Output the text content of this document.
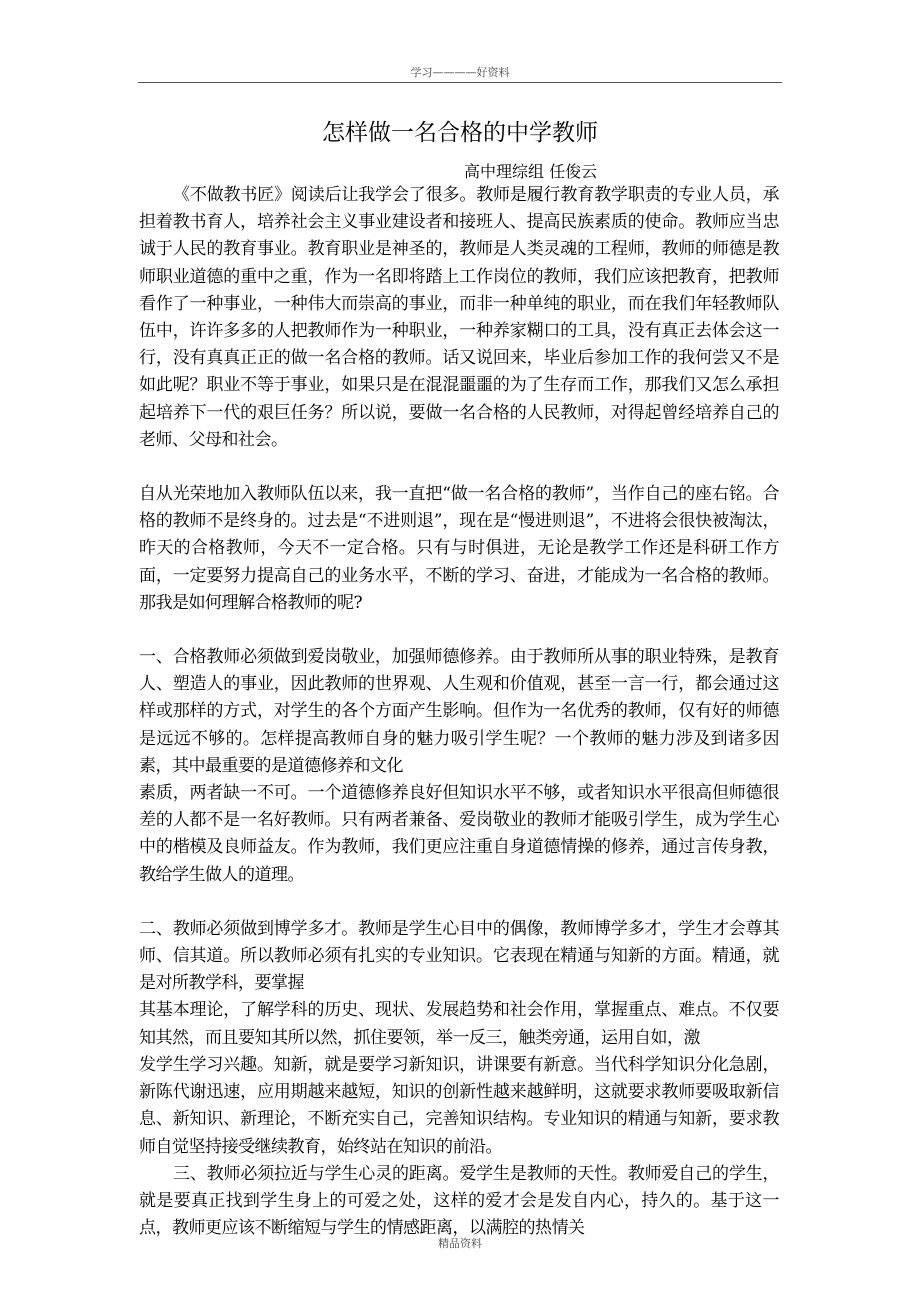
学习————好资料
怎样做一名合格的中学教师
高中理综组 任俊云

《不做教书匠》阅读后让我学会了很多。教师是履行教育教学职责的专业人员，承担着教书育人，培养社会主义事业建设者和接班人、提高民族素质的使命。教师应当忠诚于人民的教育事业。教育职业是神圣的，教师是人类灵魂的工程师，教师的师德是教师职业道德的重中之重，作为一名即将踏上工作岗位的教师，我们应该把教育，把教师看作了一种事业，一种伟大而崇高的事业，而非一种单纯的职业，而在我们年轻教师队伍中，许许多多的人把教师作为一种职业，一种养家糊口的工具，没有真正去体会这一行，没有真真正正的做一名合格的教师。话又说回来，毕业后参加工作的我何尝又不是如此呢？职业不等于事业，如果只是在混混噩噩的为了生存而工作，那我们又怎么承担起培养下一代的艰巨任务？所以说，要做一名合格的人民教师，对得起曾经培养自己的老师、父母和社会。

自从光荣地加入教师队伍以来，我一直把“做一名合格的教师”，当作自己的座右铭。合格的教师不是终身的。过去是“不进则退”，现在是“慢进则退”，不进将会很快被淘汰，昨天的合格教师，今天不一定合格。只有与时俱进，无论是教学工作还是科研工作方面，一定要努力提高自己的业务水平，不断的学习、奋进，才能成为一名合格的教师。那我是如何理解合格教师的呢?

一、合格教师必须做到爱岗敬业，加强师德修养。由于教师所从事的职业特殊，是教育人、塑造人的事业，因此教师的世界观、人生观和价值观，甚至一言一行，都会通过这样或那样的方式，对学生的各个方面产生影响。但作为一名优秀的教师，仅有好的师德是远远不够的。怎样提高教师自身的魅力吸引学生呢？一个教师的魅力涉及到诸多因素，其中最重要的是道德修养和文化

素质，两者缺一不可。一个道德修养良好但知识水平不够，或者知识水平很高但师德很差的人都不是一名好教师。只有两者兼备、爱岗敬业的教师才能吸引学生，成为学生心中的楷模及良师益友。作为教师，我们更应注重自身道德情操的修养，通过言传身教，教给学生做人的道理。

二、教师必须做到博学多才。教师是学生心目中的偶像，教师博学多才，学生才会尊其师、信其道。所以教师必须有扎实的专业知识。它表现在精通与知新的方面。精通，就是对所教学科，要掌握

其基本理论，了解学科的历史、现状、发展趋势和社会作用，掌握重点、难点。不仅要知其然，而且要知其所以然，抓住要领，举一反三，触类旁通，运用自如，激

发学生学习兴趣。知新，就是要学习新知识，讲课要有新意。当代科学知识分化急剧，新陈代谢迅速，应用期越来越短，知识的创新性越来越鲜明，这就要求教师要吸取新信息、新知识、新理论，不断充实自己，完善知识结构。专业知识的精通与知新，要求教师自觉坚持接受继续教育，始终站在知识的前沿。

三、教师必须拉近与学生心灵的距离。爱学生是教师的天性。教师爱自己的学生，就是要真正找到学生身上的可爱之处，这样的爱才会是发自内心，持久的。基于这一点，教师更应该不断缩短与学生的情感距离，以满腔的热情关

精品资料
